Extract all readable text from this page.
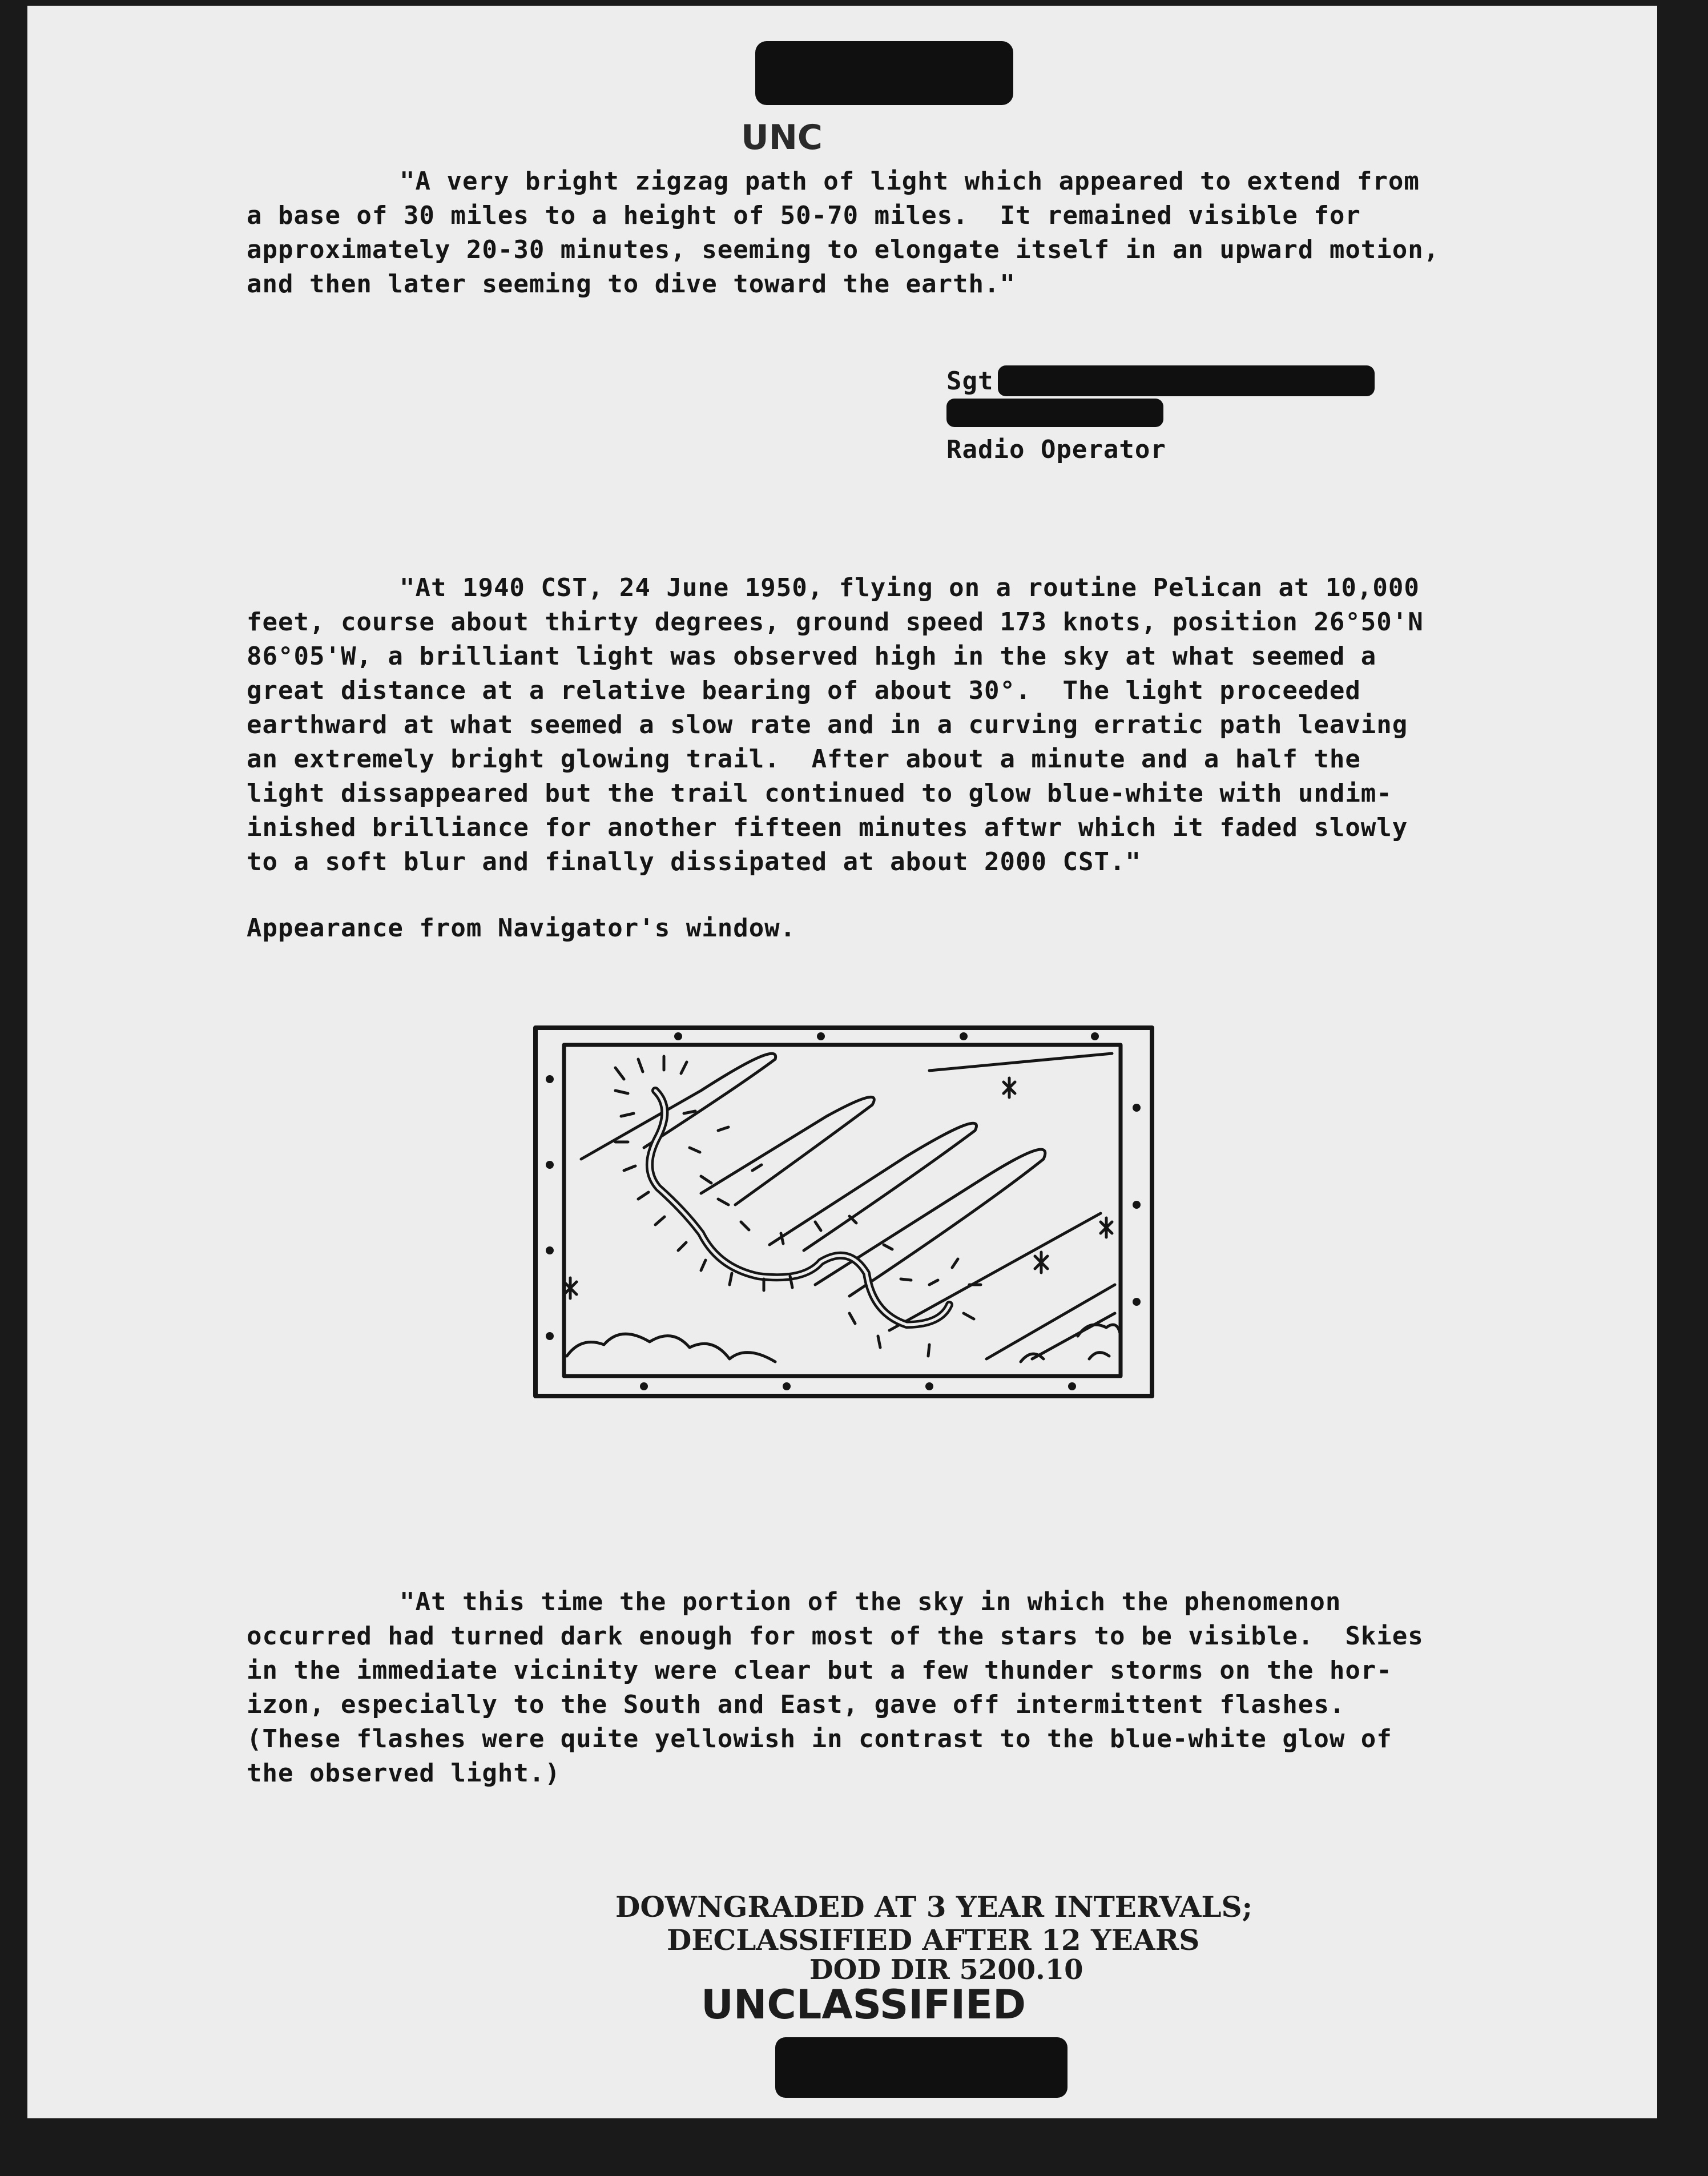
UNC
"A very bright zigzag path of light which appeared to extend from
a base of 30 miles to a height of 50-70 miles.  It remained visible for
approximately 20-30 minutes, seeming to elongate itself in an upward motion,
and then later seeming to dive toward the earth."
Sgt
Radio Operator
"At 1940 CST, 24 June 1950, flying on a routine Pelican at 10,000
feet, course about thirty degrees, ground speed 173 knots, position 26°50'N
86°05'W, a brilliant light was observed high in the sky at what seemed a
great distance at a relative bearing of about 30°.  The light proceeded
earthward at what seemed a slow rate and in a curving erratic path leaving
an extremely bright glowing trail.  After about a minute and a half the
light dissappeared but the trail continued to glow blue-white with undim-
inished brilliance for another fifteen minutes aftwr which it faded slowly
to a soft blur and finally dissipated at about 2000 CST."
Appearance from Navigator's window.
"At this time the portion of the sky in which the phenomenon
occurred had turned dark enough for most of the stars to be visible.  Skies
in the immediate vicinity were clear but a few thunder storms on the hor-
izon, especially to the South and East, gave off intermittent flashes.
(These flashes were quite yellowish in contrast to the blue-white glow of
the observed light.)
DOWNGRADED AT 3 YEAR INTERVALS;
DECLASSIFIED AFTER 12 YEARS
DOD DIR 5200.10
UNCLASSIFIED
